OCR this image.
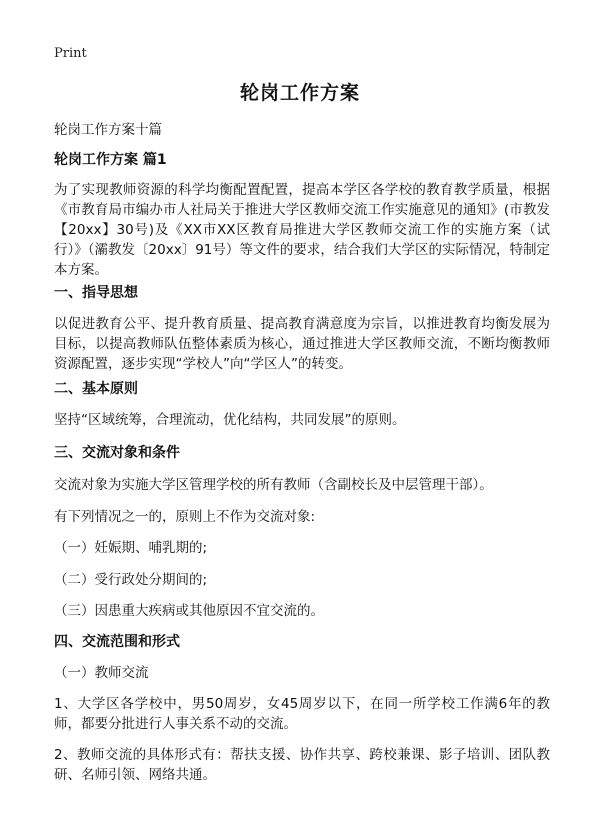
Print
轮岗工作方案
轮岗工作方案十篇
轮岗工作方案 篇1
为了实现教师资源的科学均衡配置配置，提高本学区各学校的教育教学质量，根据《市教育局市编办市人社局关于推进大学区教师交流工作实施意见的通知》(市教发【20xx】30号)及《XX市XX区教育局推进大学区教师交流工作的实施方案（试行）》（灞教发〔20xx〕91号）等文件的要求，结合我们大学区的实际情况，特制定本方案。
一、指导思想
以促进教育公平、提升教育质量、提高教育满意度为宗旨，以推进教育均衡发展为目标，以提高教师队伍整体素质为核心，通过推进大学区教师交流，不断均衡教师资源配置，逐步实现“学校人”向“学区人”的转变。
二、基本原则
坚持“区域统筹，合理流动，优化结构，共同发展”的原则。
三、交流对象和条件
交流对象为实施大学区管理学校的所有教师（含副校长及中层管理干部）。
有下列情况之一的，原则上不作为交流对象:
（一）妊娠期、哺乳期的;
（二）受行政处分期间的;
（三）因患重大疾病或其他原因不宜交流的。
四、交流范围和形式
（一）教师交流
1、大学区各学校中，男50周岁，女45周岁以下，在同一所学校工作满6年的教师，都要分批进行人事关系不动的交流。
2、教师交流的具体形式有：帮扶支援、协作共享、跨校兼课、影子培训、团队教研、名师引领、网络共通。
